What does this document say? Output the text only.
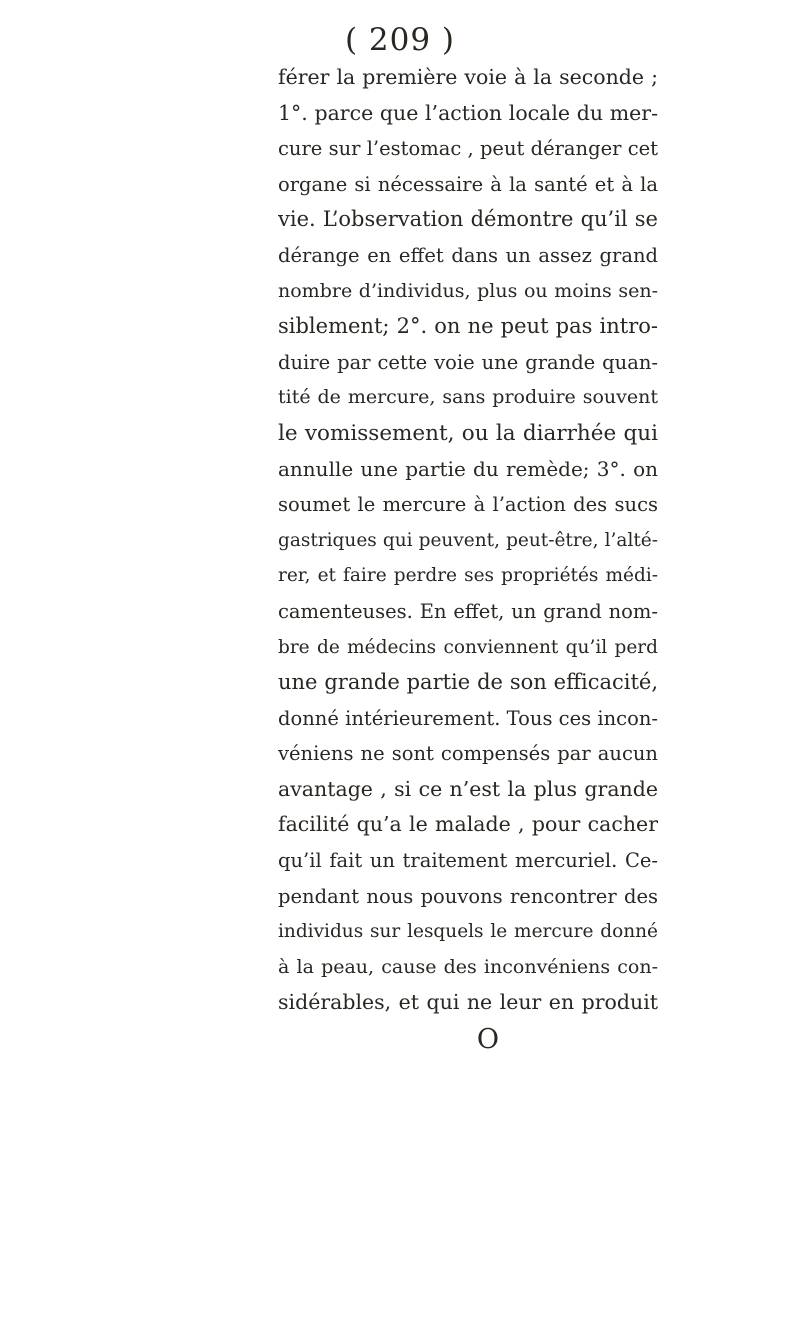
( 209 )
férer la première voie à la seconde ;
1°. parce que l’action locale du mer-
cure sur l’estomac , peut déranger cet
organe si nécessaire à la santé et à la
vie. L’observation démontre qu’il se
dérange en effet dans un assez grand
nombre d’individus, plus ou moins sen-
siblement; 2°. on ne peut pas intro-
duire par cette voie une grande quan-
tité de mercure, sans produire souvent
le vomissement, ou la diarrhée qui
annulle une partie du remède; 3°. on
soumet le mercure à l’action des sucs
gastriques qui peuvent, peut-être, l’alté-
rer, et faire perdre ses propriétés médi-
camenteuses. En effet, un grand nom-
bre de médecins conviennent qu’il perd
une grande partie de son efficacité,
donné intérieurement. Tous ces incon-
véniens ne sont compensés par aucun
avantage , si ce n’est la plus grande
facilité qu’a le malade , pour cacher
qu’il fait un traitement mercuriel. Ce-
pendant nous pouvons rencontrer des
individus sur lesquels le mercure donné
à la peau, cause des inconvéniens con-
sidérables, et qui ne leur en produit
O
